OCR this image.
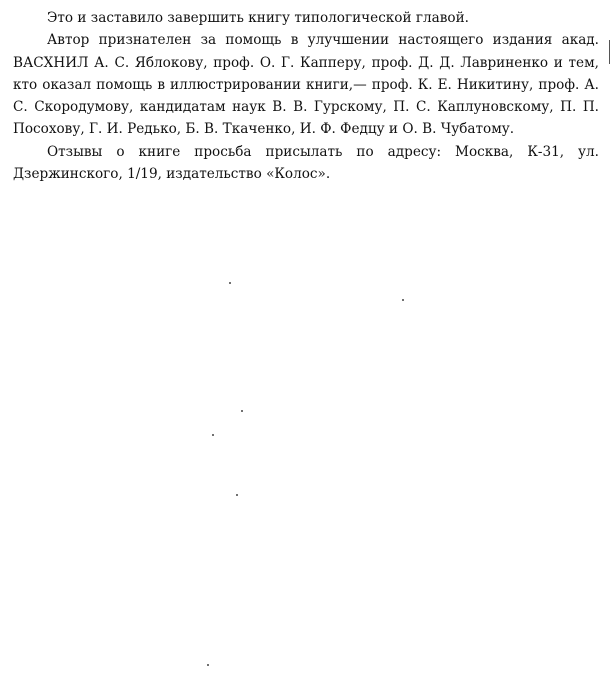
Это и заставило завершить книгу типологической главой.

Автор признателен за помощь в улучшении настоящего издания акад. ВАСХНИЛ А. С. Яблокову, проф. О. Г. Капперу, проф. Д. Д. Лавриненко и тем, кто оказал помощь в иллюстрировании книги,— проф. К. Е. Никитину, проф. А. С. Скородумову, кандидатам наук В. В. Гурскому, П. С. Каплуновскому, П. П. Посохову, Г. И. Редько, Б. В. Ткаченко, И. Ф. Федцу и О. В. Чубатому.

Отзывы о книге просьба присылать по адресу: Москва, К-31, ул. Дзержинского, 1/19, издательство «Колос».
